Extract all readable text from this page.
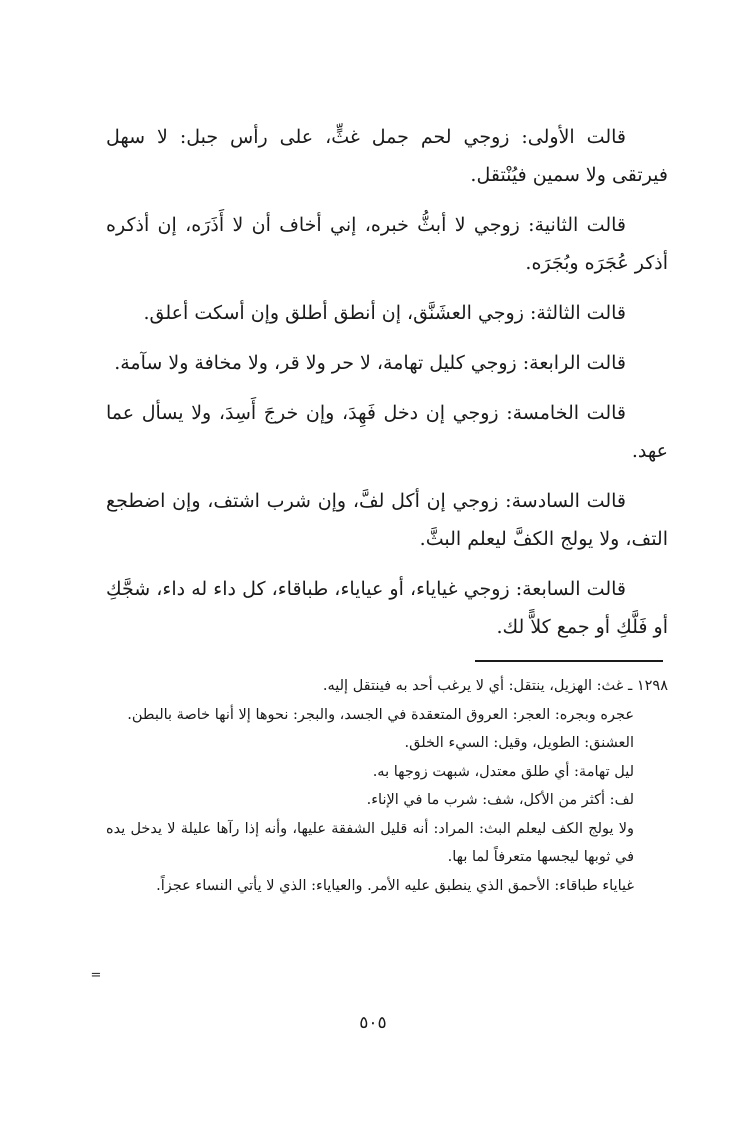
قالت الأولى: زوجي لحم جمل غثٍّ، على رأس جبل: لا سهل فيرتقى ولا سمين فيُنْتقل.

قالت الثانية: زوجي لا أبثُّ خبره، إني أخاف أن لا أَذَرَه، إن أذكره أذكر عُجَرَه وبُجَرَه.

قالت الثالثة: زوجي العشَنَّق، إن أنطق أطلق وإن أسكت أعلق.

قالت الرابعة: زوجي كليل تهامة، لا حر ولا قر، ولا مخافة ولا سآمة.

قالت الخامسة: زوجي إن دخل فَهِدَ، وإن خرجَ أَسِدَ، ولا يسأل عما عهد.

قالت السادسة: زوجي إن أكل لفَّ، وإن شرب اشتف، وإن اضطجع التف، ولا يولج الكفَّ ليعلم البثَّ.

قالت السابعة: زوجي غياياء، أو عياياء، طباقاء، كل داء له داء، شجَّكِ أو فَلَّكِ أو جمع كلاًّ لك.

١٢٩٨ ـ غث: الهزيل، ينتقل: أي لا يرغب أحد به فينتقل إليه.

عجره وبجره: العجر: العروق المتعقدة في الجسد، والبجر: نحوها إلا أنها خاصة بالبطن.

العشنق: الطويل، وقيل: السيء الخلق.

ليل تهامة: أي طلق معتدل، شبهت زوجها به.

لف: أكثر من الأكل، شف: شرب ما في الإناء.

ولا يولج الكف ليعلم البث: المراد: أنه قليل الشفقة عليها، وأنه إذا رآها عليلة لا يدخل يده في ثوبها ليجسها متعرفاً لما بها.

غياياء طباقاء: الأحمق الذي ينطبق عليه الأمر. والعياياء: الذي لا يأتي النساء عجزاً.

=
٥٠٥
